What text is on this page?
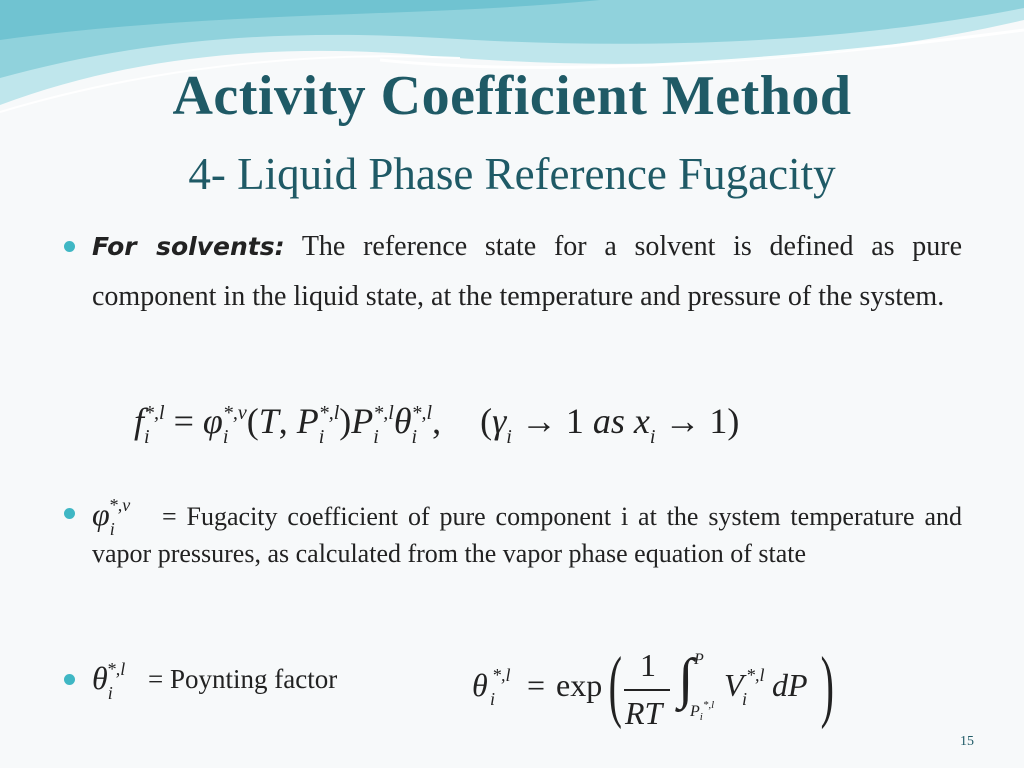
Activity Coefficient Method
4- Liquid Phase Reference Fugacity
For solvents: The reference state for a solvent is defined as pure component in the liquid state, at the temperature and pressure of the system.
f *,l
i = φ *,v
i (T, P *,l
i )P *,l
i θ *,l
i , ($\gamma_i \to 1$ as $x_i \to 1$)
$\varphi_i^{*,v}$	= Fugacity coefficient of pure component i at the system temperature and vapor pressures, as calculated from the vapor phase equation of state
$\theta_i^{*,l}$ = Poynting factor	θ i
*,l = exp ( 1
RT
∫ P
$P_i^{*,l}$
V
i
*,l dP )
15
